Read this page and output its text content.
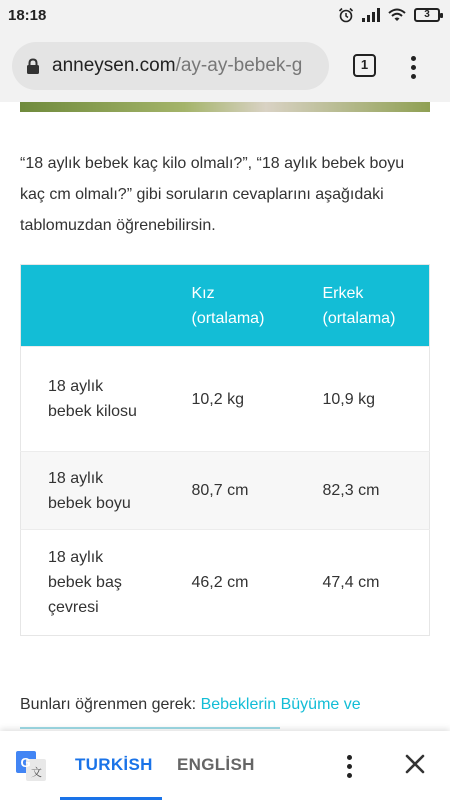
18:18	3
anneysen.com/ay-ay-bebek-g	1

“18 aylık bebek kaç kilo olmalı?”, “18 aylık bebek boyu kaç cm olmalı?” gibi soruların cevaplarını aşağıdaki tablomuzdan öğrenebilirsin.

	Kız (ortalama)	Erkek (ortalama)

18 aylık bebek kilosu	10,2 kg	10,9 kg

18 aylık bebek boyu	80,7 cm	82,3 cm

18 aylık bebek baş çevresi	46,2 cm	47,4 cm

Bunları öğrenmen gerek: Bebeklerin Büyüme ve

G
文 TURKİSH ENGLİSH
